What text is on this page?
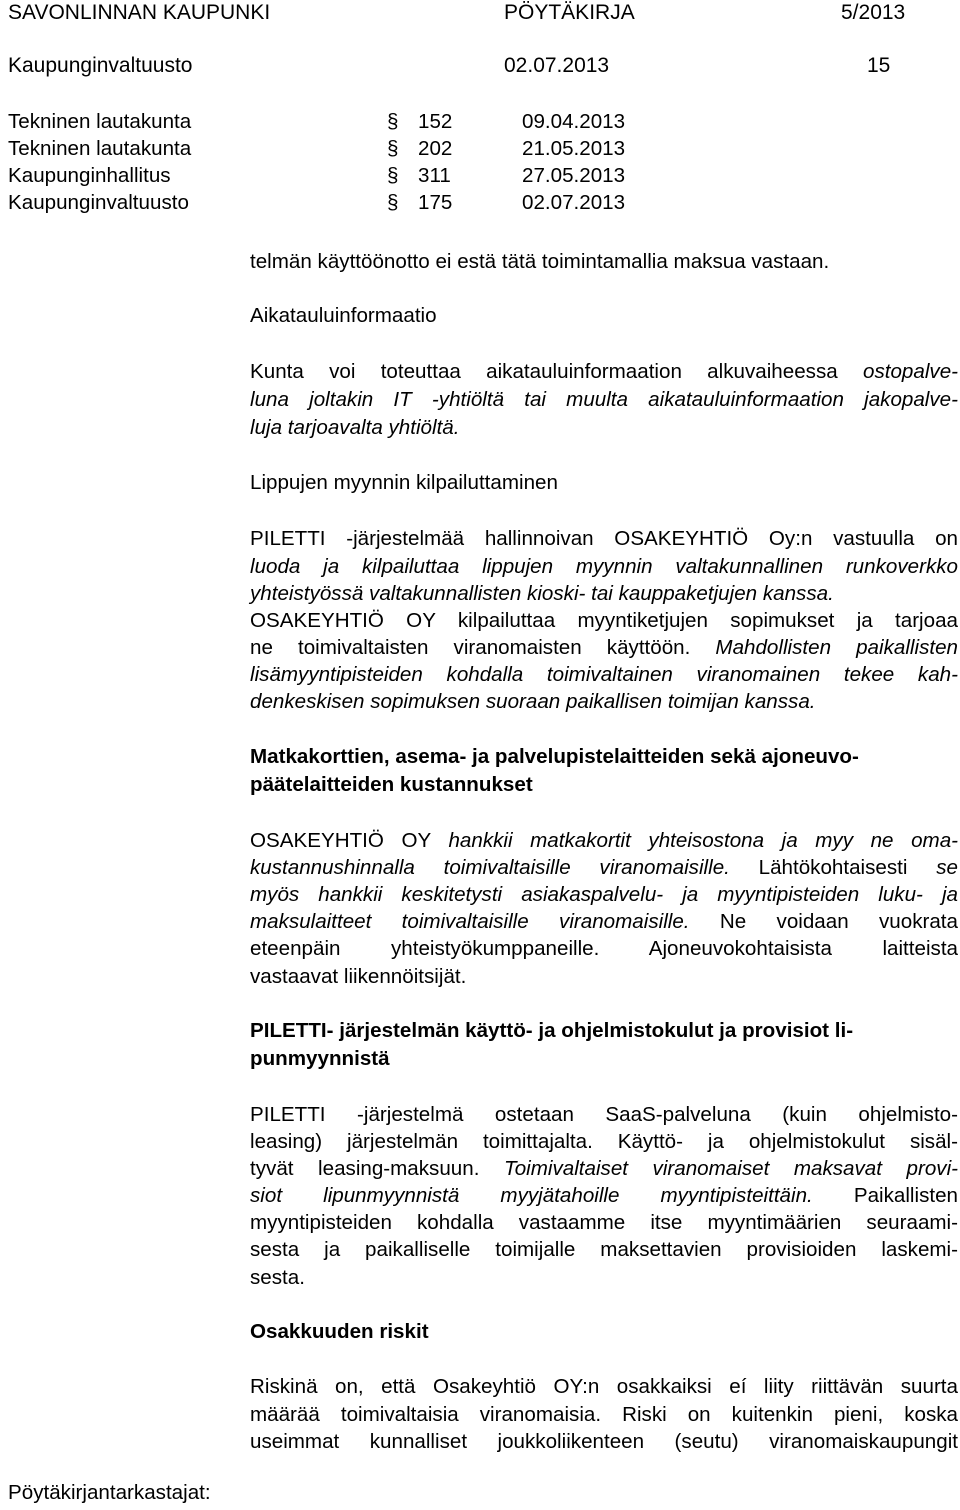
SAVONLINNAN KAUPUNKI	PÖYTÄKIRJA	5/2013
Kaupunginvaltuusto	02.07.2013	15
Tekninen lautakunta	§ 152	09.04.2013
Tekninen lautakunta	§ 202	21.05.2013
Kaupunginhallitus	§ 311	27.05.2013
Kaupunginvaltuusto	§ 175	02.07.2013
telmän käyttöönotto ei estä tätä toimintamallia maksua vastaan.
Aikatauluinformaatio
Kunta voi toteuttaa aikatauluinformaation alkuvaiheessa ostopalve-
luna joltakin IT -yhtiöltä tai muulta aikatauluinformaation jakopalve-
luja tarjoavalta yhtiöltä.
Lippujen myynnin kilpailuttaminen
PILETTI -järjestelmää hallinnoivan OSAKEYHTIÖ Oy:n vastuulla on
luoda ja kilpailuttaa lippujen myynnin valtakunnallinen runkoverkko
yhteistyössä valtakunnallisten kioski- tai kauppaketjujen kanssa.
OSAKEYHTIÖ OY kilpailuttaa myyntiketjujen sopimukset ja tarjoaa
ne toimivaltaisten viranomaisten käyttöön. Mahdollisten paikallisten
lisämyyntipisteiden kohdalla toimivaltainen viranomainen tekee kah-
denkeskisen sopimuksen suoraan paikallisen toimijan kanssa.
Matkakorttien, asema- ja palvelupistelaitteiden sekä ajoneuvo-
päätelaitteiden kustannukset
OSAKEYHTIÖ OY hankkii matkakortit yhteisostona ja myy ne oma-
kustannushinnalla toimivaltaisille viranomaisille. Lähtökohtaisesti se
myös hankkii keskitetysti asiakaspalvelu- ja myyntipisteiden luku- ja
maksulaitteet toimivaltaisille viranomaisille. Ne voidaan vuokrata
eteenpäin yhteistyökumppaneille. Ajoneuvokohtaisista laitteista
vastaavat liikennöitsijät.
PILETTI- järjestelmän käyttö- ja ohjelmistokulut ja provisiot li-
punmyynnistä
PILETTI -järjestelmä ostetaan SaaS-palveluna (kuin ohjelmisto-
leasing) järjestelmän toimittajalta. Käyttö- ja ohjelmistokulut sisäl-
tyvät leasing-maksuun. Toimivaltaiset viranomaiset maksavat provi-
siot lipunmyynnistä myyjätahoille myyntipisteittäin. Paikallisten
myyntipisteiden kohdalla vastaamme itse myyntimäärien seuraami-
sesta ja paikalliselle toimijalle maksettavien provisioiden laskemi-
sesta.
Osakkuuden riskit
Riskinä on, että Osakeyhtiö OY:n osakkaiksi eí liity riittävän suurta
määrää toimivaltaisia viranomaisia. Riski on kuitenkin pieni, koska
useimmat kunnalliset joukkoliikenteen (seutu) viranomaiskaupungit
Pöytäkirjantarkastajat:
